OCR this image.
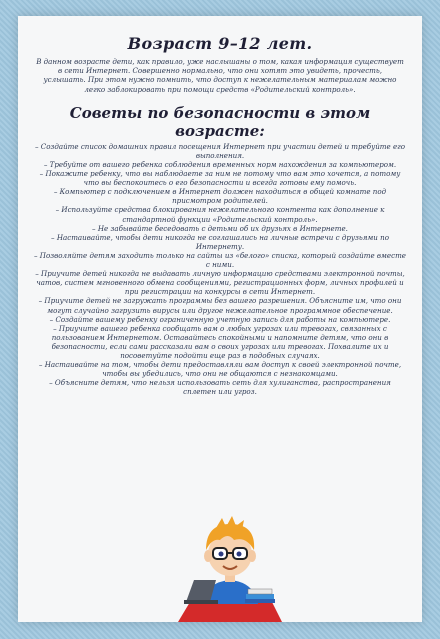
Возраст 9–12 лет.

В данном возрасте дети, как правило, уже наслышаны о том, какая информация существует в сети Интернет. Совершенно нормально, что они хотят это увидеть, прочесть, услышать. При этом нужно помнить, что доступ к нежелательным материалам можно легко заблокировать при помощи средств «Родительский контроль».

Советы по безопасности в этом возрасте:
– Создайте список домашних правил посещения Интернет при участии детей и требуйте его выполнения.
– Требуйте от вашего ребенка соблюдения временных норм нахождения за компьютером.
– Покажите ребенку, что вы наблюдаете за ним не потому что вам это хочется, а потому что вы беспокоитесь о его безопасности и всегда готовы ему помочь.
– Компьютер с подключением в Интернет должен находиться в общей комнате под присмотром родителей.
– Используйте средства блокирования нежелательного контента как дополнение к стандартной функции «Родительский контроль».
– Не забывайте беседовать с детьми об их друзьях в Интернете.
– Настаивайте, чтобы дети никогда не соглашались на личные встречи с друзьями по Интернету.
– Позволяйте детям заходить только на сайты из «белого» списка, который создайте вместе с ними.
– Приучите детей никогда не выдавать личную информацию средствами электронной почты, чатов, систем мгновенного обмена сообщениями, регистрационных форм, личных профилей и при регистрации на конкурсы в сети Интернет.
– Приучите детей не загружать программы без вашего разрешения. Объясните им, что они могут случайно загрузить вирусы или другое нежелательное программное обеспечение.
– Создайте вашему ребенку ограниченную учетную запись для работы на компьютере.
– Приучите вашего ребенка сообщать вам о любых угрозах или тревогах, связанных с пользованием Интернетом. Оставайтесь спокойными и напомните детям, что они в безопасности, если сами рассказали вам о своих угрозах или тревогах. Похвалите их и посоветуйте подойти еще раз в подобных случаях.
– Настаивайте на том, чтобы дети предоставляли вам доступ к своей электронной почте, чтобы вы убедились, что они не общаются с незнакомцами.
– Объясните детям, что нельзя использовать сеть для хулиганства, распространения сплетен или угроз.
